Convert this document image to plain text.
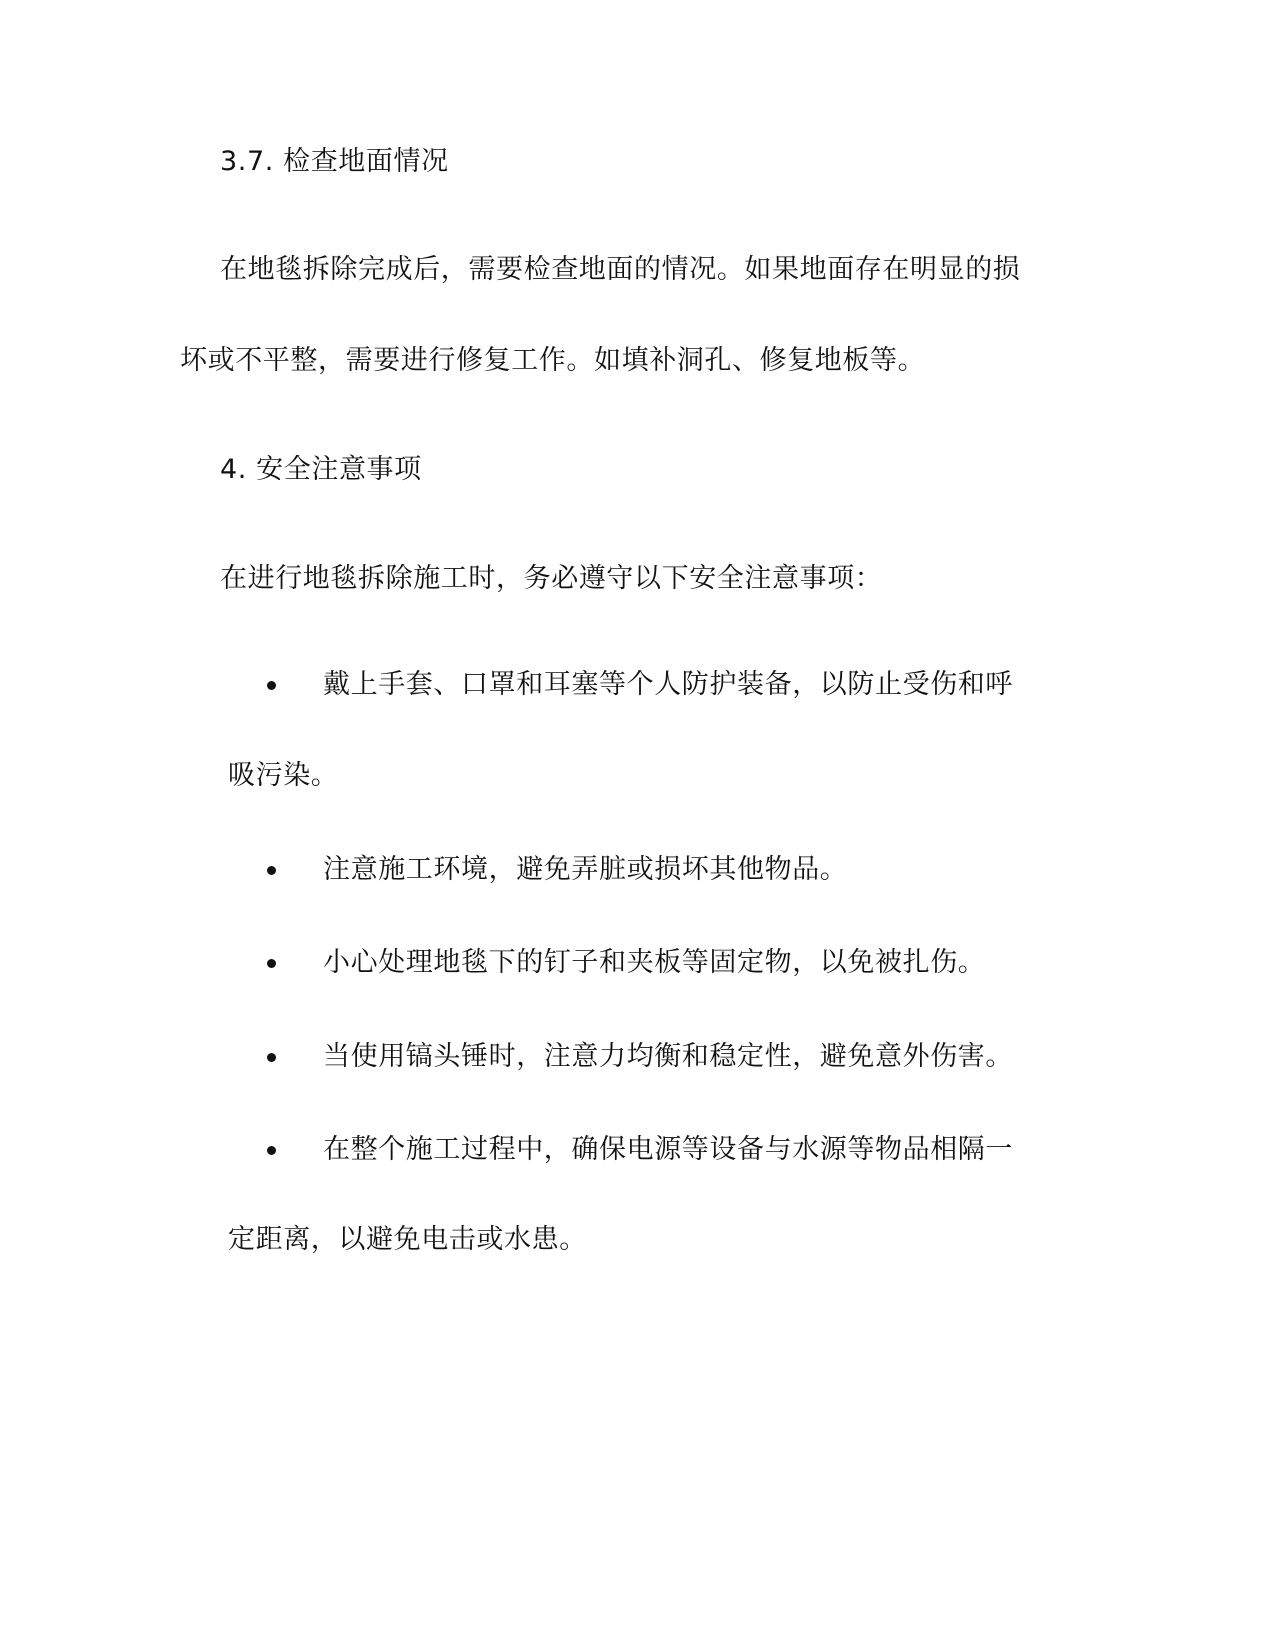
3.7. 检查地面情况
在地毯拆除完成后，需要检查地面的情况。如果地面存在明显的损
坏或不平整，需要进行修复工作。如填补洞孔、修复地板等。
4. 安全注意事项
在进行地毯拆除施工时，务必遵守以下安全注意事项：
戴上手套、口罩和耳塞等个人防护装备，以防止受伤和呼
吸污染。
注意施工环境，避免弄脏或损坏其他物品。
小心处理地毯下的钉子和夹板等固定物，以免被扎伤。
当使用镐头锤时，注意力均衡和稳定性，避免意外伤害。
在整个施工过程中，确保电源等设备与水源等物品相隔一
定距离，以避免电击或水患。
